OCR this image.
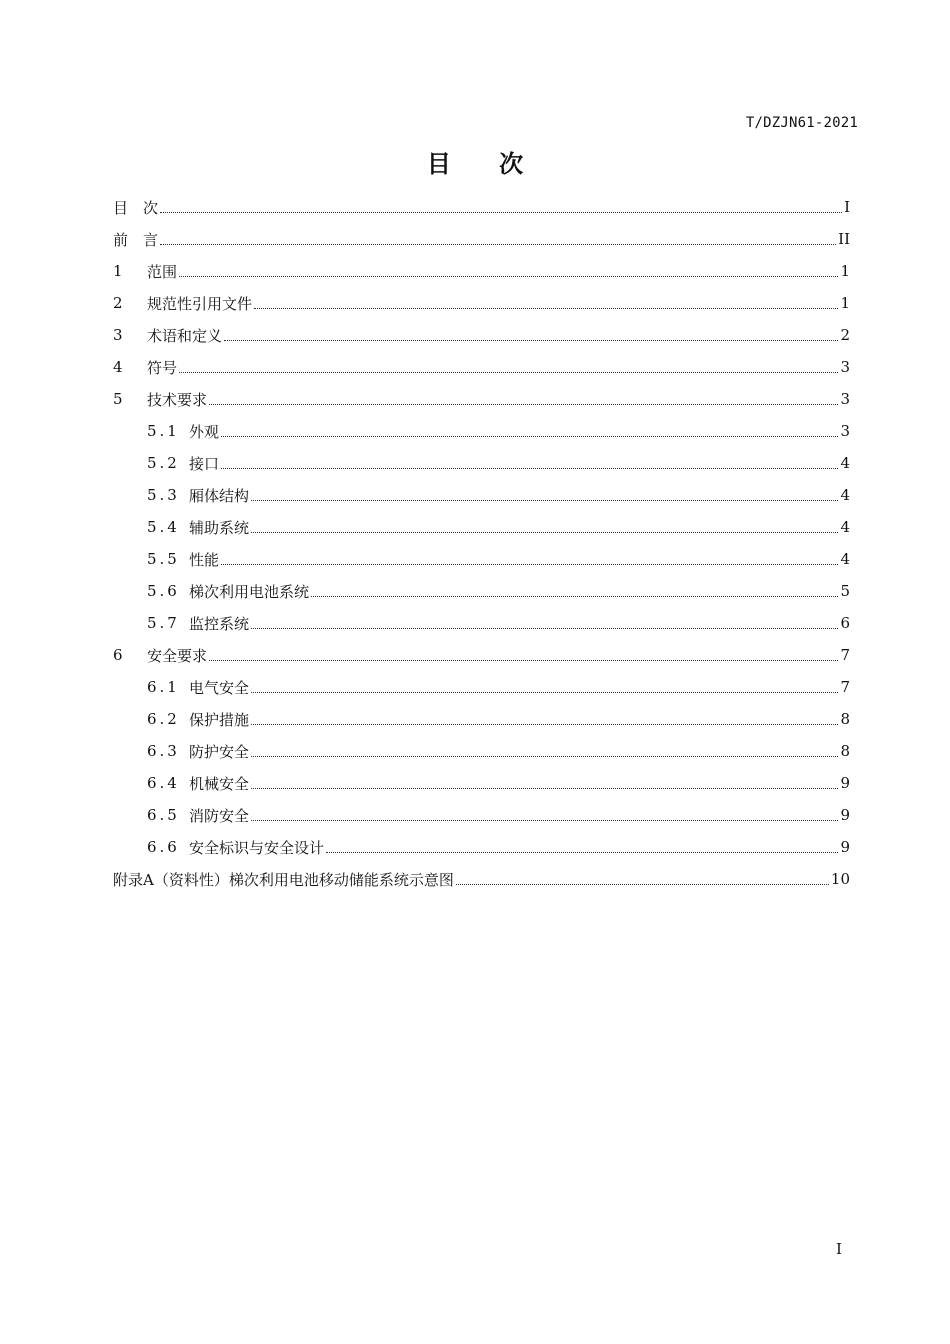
T/DZJN61-2021
目 次
目　次	I
前　言	II
1	范围	1
2	规范性引用文件	1
3	术语和定义	2
4	符号	3
5	技术要求	3
5.1 外观	3
5.2 接口	4
5.3 厢体结构	4
5.4 辅助系统	4
5.5 性能	4
5.6 梯次利用电池系统	5
5.7 监控系统	6
6	安全要求	7
6.1 电气安全	7
6.2 保护措施	8
6.3 防护安全	8
6.4 机械安全	9
6.5 消防安全	9
6.6 安全标识与安全设计	9
附录A（资料性）梯次利用电池移动储能系统示意图	10
I
